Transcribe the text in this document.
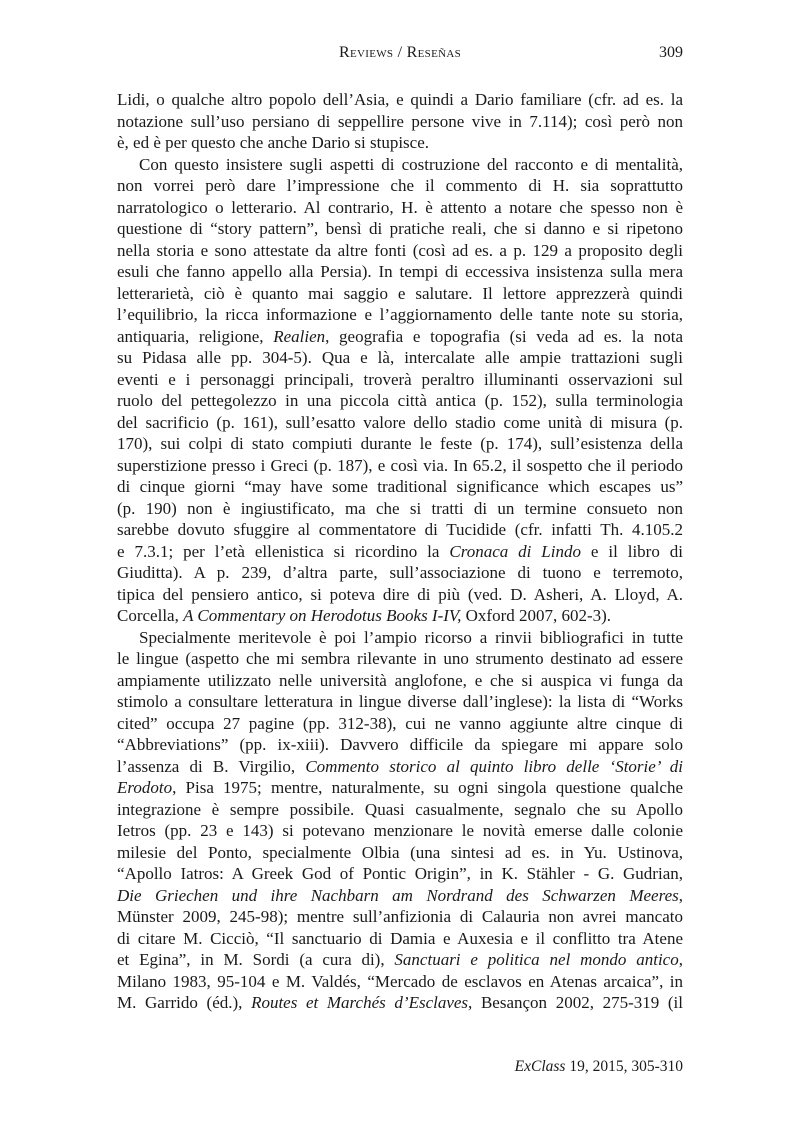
Reviews / Reseñas	309
Lidi, o qualche altro popolo dell’Asia, e quindi a Dario familiare (cfr. ad es. la
notazione sull’uso persiano di seppellire persone vive in 7.114); così però non
è, ed è per questo che anche Dario si stupisce.
Con questo insistere sugli aspetti di costruzione del racconto e di mentalità,
non vorrei però dare l’impressione che il commento di H. sia soprattutto
narratologico o letterario. Al contrario, H. è attento a notare che spesso non è
questione di “story pattern”, bensì di pratiche reali, che si danno e si ripetono
nella storia e sono attestate da altre fonti (così ad es. a p. 129 a proposito degli
esuli che fanno appello alla Persia). In tempi di eccessiva insistenza sulla mera
letterarietà, ciò è quanto mai saggio e salutare. Il lettore apprezzerà quindi
l’equilibrio, la ricca informazione e l’aggiornamento delle tante note su storia,
antiquaria, religione, Realien, geografia e topografia (si veda ad es. la nota
su Pidasa alle pp. 304-5). Qua e là, intercalate alle ampie trattazioni sugli
eventi e i personaggi principali, troverà peraltro illuminanti osservazioni sul
ruolo del pettegolezzo in una piccola città antica (p. 152), sulla terminologia
del sacrificio (p. 161), sull’esatto valore dello stadio come unità di misura (p.
170), sui colpi di stato compiuti durante le feste (p. 174), sull’esistenza della
superstizione presso i Greci (p. 187), e così via. In 65.2, il sospetto che il periodo
di cinque giorni “may have some traditional significance which escapes us”
(p. 190) non è ingiustificato, ma che si tratti di un termine consueto non
sarebbe dovuto sfuggire al commentatore di Tucidide (cfr. infatti Th. 4.105.2
e 7.3.1; per l’età ellenistica si ricordino la Cronaca di Lindo e il libro di
Giuditta). A p. 239, d’altra parte, sull’associazione di tuono e terremoto,
tipica del pensiero antico, si poteva dire di più (ved. D. Asheri, A. Lloyd, A.
Corcella, A Commentary on Herodotus Books I-IV, Oxford 2007, 602-3).
Specialmente meritevole è poi l’ampio ricorso a rinvii bibliografici in tutte
le lingue (aspetto che mi sembra rilevante in uno strumento destinato ad essere
ampiamente utilizzato nelle università anglofone, e che si auspica vi funga da
stimolo a consultare letteratura in lingue diverse dall’inglese): la lista di “Works
cited” occupa 27 pagine (pp. 312-38), cui ne vanno aggiunte altre cinque di
“Abbreviations” (pp. ix-xiii). Davvero difficile da spiegare mi appare solo
l’assenza di B. Virgilio, Commento storico al quinto libro delle ‘Storie’ di
Erodoto, Pisa 1975; mentre, naturalmente, su ogni singola questione qualche
integrazione è sempre possibile. Quasi casualmente, segnalo che su Apollo
Ietros (pp. 23 e 143) si potevano menzionare le novità emerse dalle colonie
milesie del Ponto, specialmente Olbia (una sintesi ad es. in Yu. Ustinova,
“Apollo Iatros: A Greek God of Pontic Origin”, in K. Stähler - G. Gudrian,
Die Griechen und ihre Nachbarn am Nordrand des Schwarzen Meeres,
Münster 2009, 245-98); mentre sull’anfizionia di Calauria non avrei mancato
di citare M. Cicciò, “Il sanctuario di Damia e Auxesia e il conflitto tra Atene
et Egina”, in M. Sordi (a cura di), Sanctuari e politica nel mondo antico,
Milano 1983, 95-104 e M. Valdés, “Mercado de esclavos en Atenas arcaica”, in
M. Garrido (éd.), Routes et Marchés d’Esclaves, Besançon 2002, 275-319 (il
ExClass 19, 2015, 305-310
